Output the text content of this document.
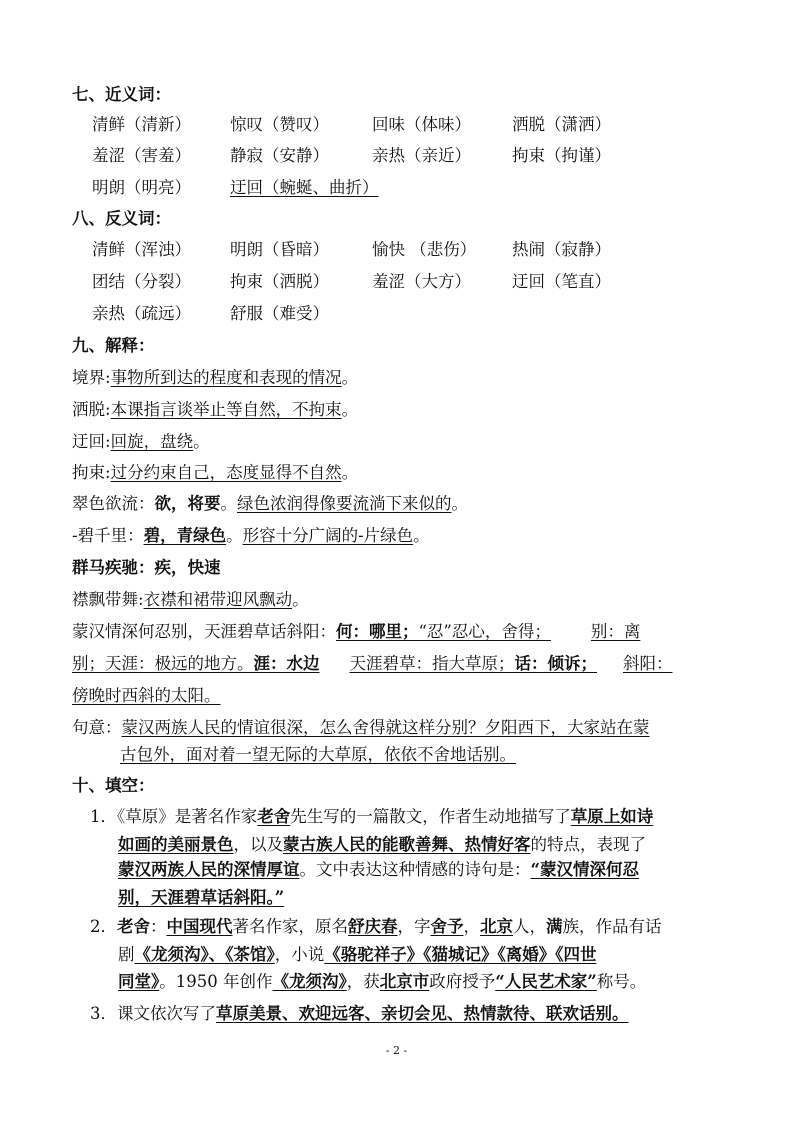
七、近义词：
清鲜（清新） 惊叹（赞叹）	回味（体味） 洒脱（潇洒）
羞涩（害羞） 静寂（安静）	亲热（亲近） 拘束（拘谨）
明朗（明亮） 迂回（蜿蜒、曲折）
八、反义词：
清鲜（浑浊） 明朗（昏暗）	愉快 （悲伤） 热闹（寂静）
团结（分裂） 拘束（洒脱）	羞涩（大方） 迂回（笔直）
亲热（疏远） 舒服（难受）
九、解释：
境界:事物所到达的程度和表现的情况。
洒脱:本课指言谈举止等自然，不拘束。
迂回:回旋，盘绕。
拘束:过分约束自己，态度显得不自然。
翠色欲流：欲，将要。绿色浓润得像要流淌下来似的。
-碧千里：碧，青绿色。形容十分广阔的-片绿色。
群马疾驰：疾，快速
襟飘带舞:衣襟和裙带迎风飘动。
蒙汉情深何忍别，天涯碧草话斜阳：何：哪里；“忍”忍心，舍得； 别：离
别；天涯：极远的地方。涯：水边 天涯碧草：指大草原；话：倾诉； 斜阳：
傍晚时西斜的太阳。
句意：蒙汉两族人民的情谊很深，怎么舍得就这样分别？夕阳西下，大家站在蒙
古包外，面对着一望无际的大草原，依依不舍地话别。
十、填空：
1．《草原》是著名作家老舍先生写的一篇散文，作者生动地描写了草原上如诗
如画的美丽景色，以及蒙古族人民的能歌善舞、热情好客的特点，表现了
蒙汉两族人民的深情厚谊。文中表达这种情感的诗句是：“蒙汉情深何忍
别，天涯碧草话斜阳。”
2．老舍：中国现代著名作家，原名舒庆春，字舍予，北京人，满族，作品有话
剧《龙须沟》、《茶馆》，小说《骆驼祥子》《猫城记》《离婚》《四世
同堂》。1950 年创作《龙须沟》，获北京市政府授予“人民艺术家”称号。
3．课文依次写了草原美景、欢迎远客、亲切会见、热情款待、联欢话别。
- 2 -
